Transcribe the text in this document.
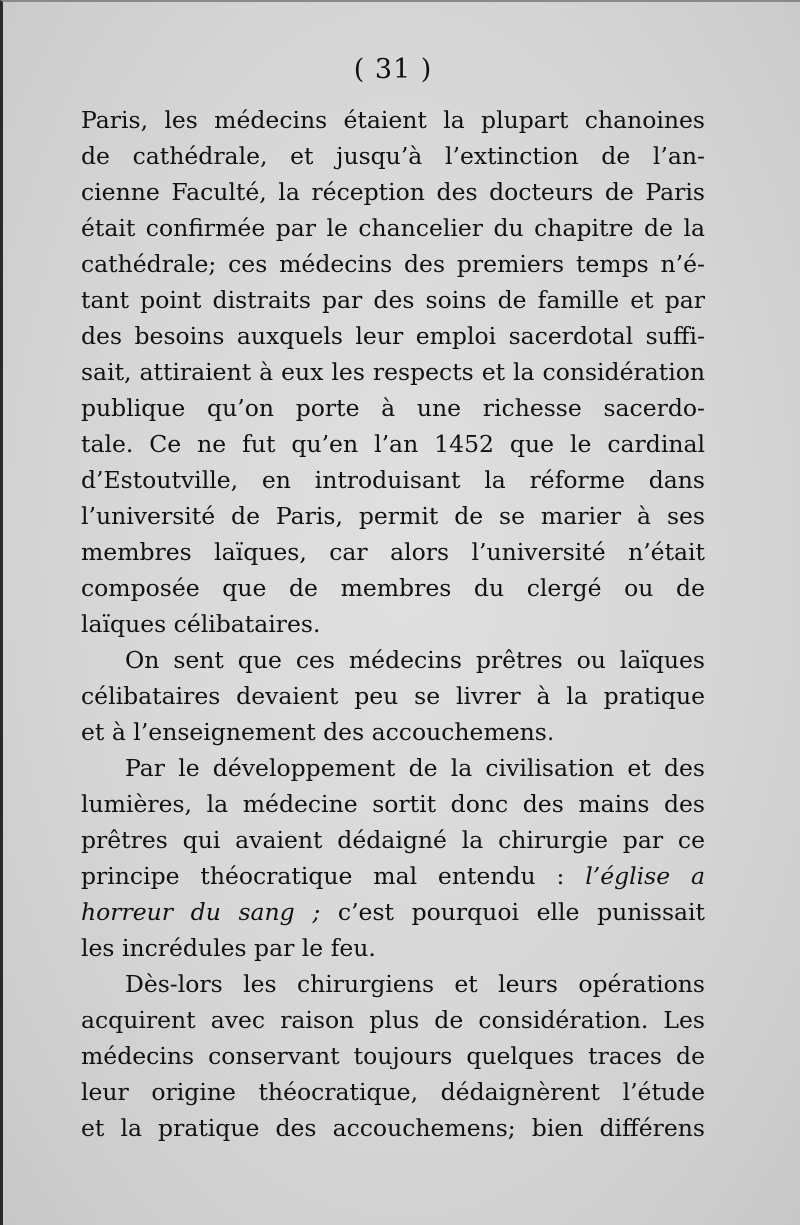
( 31 )
Paris, les médecins étaient la plupart chanoines
de cathédrale, et jusqu’à l’extinction de l’an-
cienne Faculté, la réception des docteurs de Paris
était confirmée par le chancelier du chapitre de la
cathédrale; ces médecins des premiers temps n’é-
tant point distraits par des soins de famille et par
des besoins auxquels leur emploi sacerdotal suffi-
sait, attiraient à eux les respects et la considération
publique qu’on porte à une richesse sacerdo-
tale. Ce ne fut qu’en l’an 1452 que le cardinal
d’Estoutville, en introduisant la réforme dans
l’université de Paris, permit de se marier à ses
membres laïques, car alors l’université n’était
composée que de membres du clergé ou de
laïques célibataires.
On sent que ces médecins prêtres ou laïques
célibataires devaient peu se livrer à la pratique
et à l’enseignement des accouchemens.
Par le développement de la civilisation et des
lumières, la médecine sortit donc des mains des
prêtres qui avaient dédaigné la chirurgie par ce
principe théocratique mal entendu : l’église a
horreur du sang ; c’est pourquoi elle punissait
les incrédules par le feu.
Dès-lors les chirurgiens et leurs opérations
acquirent avec raison plus de considération. Les
médecins conservant toujours quelques traces de
leur origine théocratique, dédaignèrent l’étude
et la pratique des accouchemens; bien différens
